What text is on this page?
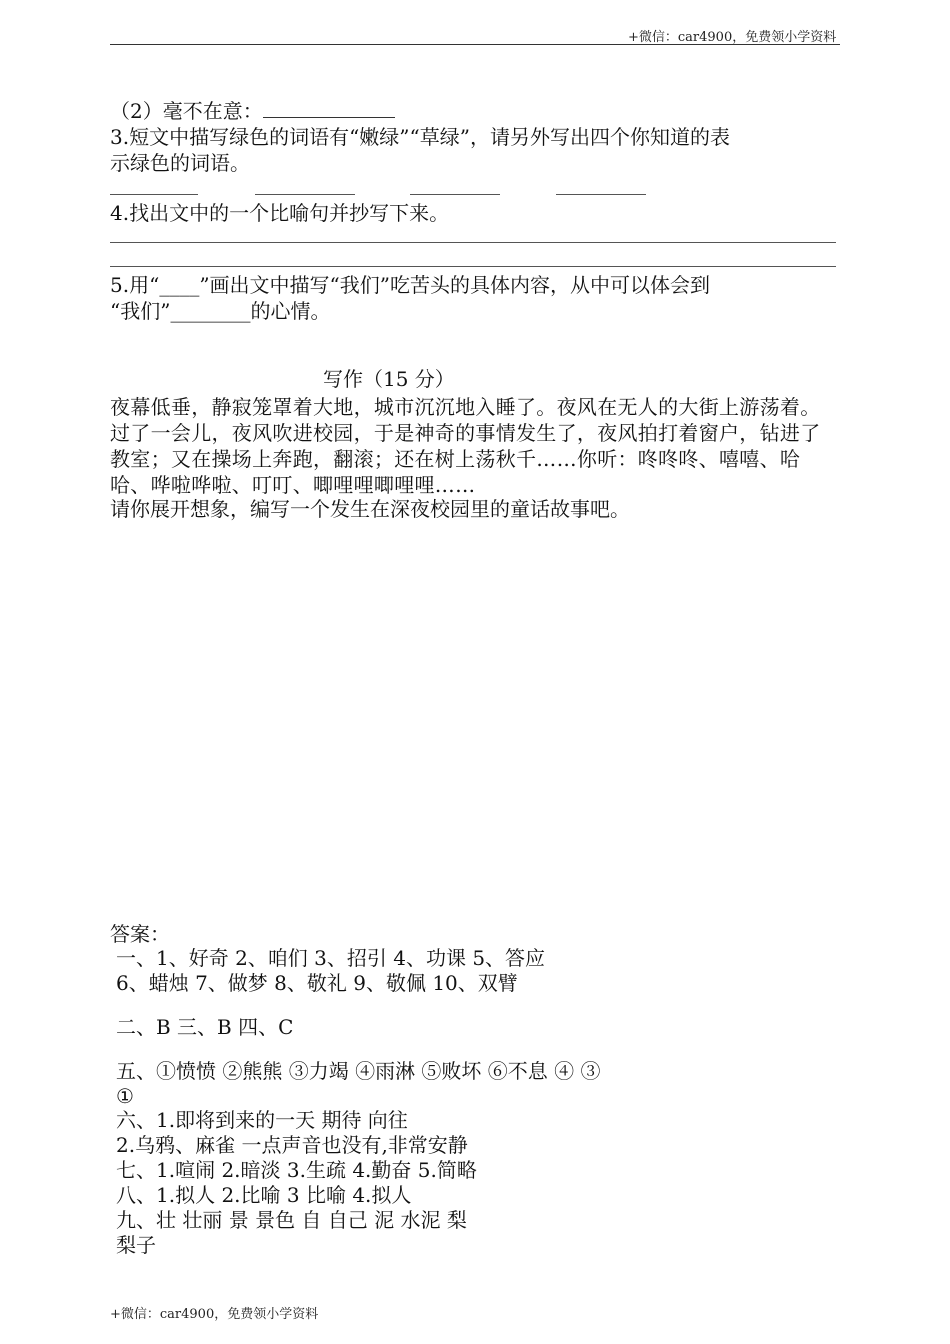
+微信：car4900，免费领小学资料
（2）毫不在意：
3.短文中描写绿色的词语有“嫩绿”“草绿”，请另外写出四个你知道的表
示绿色的词语。
4.找出文中的一个比喻句并抄写下来。
5.用“____”画出文中描写“我们”吃苦头的具体内容，从中可以体会到
“我们”________的心情。
写作（15 分）
夜幕低垂，静寂笼罩着大地，城市沉沉地入睡了。夜风在无人的大街上游荡着。过了一会儿，夜风吹进校园，于是神奇的事情发生了，夜风拍打着窗户，钻进了教室；又在操场上奔跑，翻滚；还在树上荡秋千……你听：咚咚咚、嘻嘻、哈哈、哗啦哗啦、叮叮、唧哩哩唧哩哩……
请你展开想象，编写一个发生在深夜校园里的童话故事吧。
答案：
一、1、好奇 2、咱们 3、招引 4、功课 5、答应
6、蜡烛 7、做梦 8、敬礼 9、敬佩 10、双臂
二、B 三、B 四、C
五、①愤愤 ②熊熊 ③力竭 ④雨淋 ⑤败坏 ⑥不息 ④ ③
①
六、1.即将到来的一天 期待 向往
2.乌鸦、麻雀 一点声音也没有,非常安静
七、1.喧闹 2.暗淡 3.生疏 4.勤奋 5.简略
八、1.拟人 2.比喻 3 比喻 4.拟人
九、壮 壮丽 景 景色 自 自己 泥 水泥 梨
梨子
+微信：car4900，免费领小学资料
